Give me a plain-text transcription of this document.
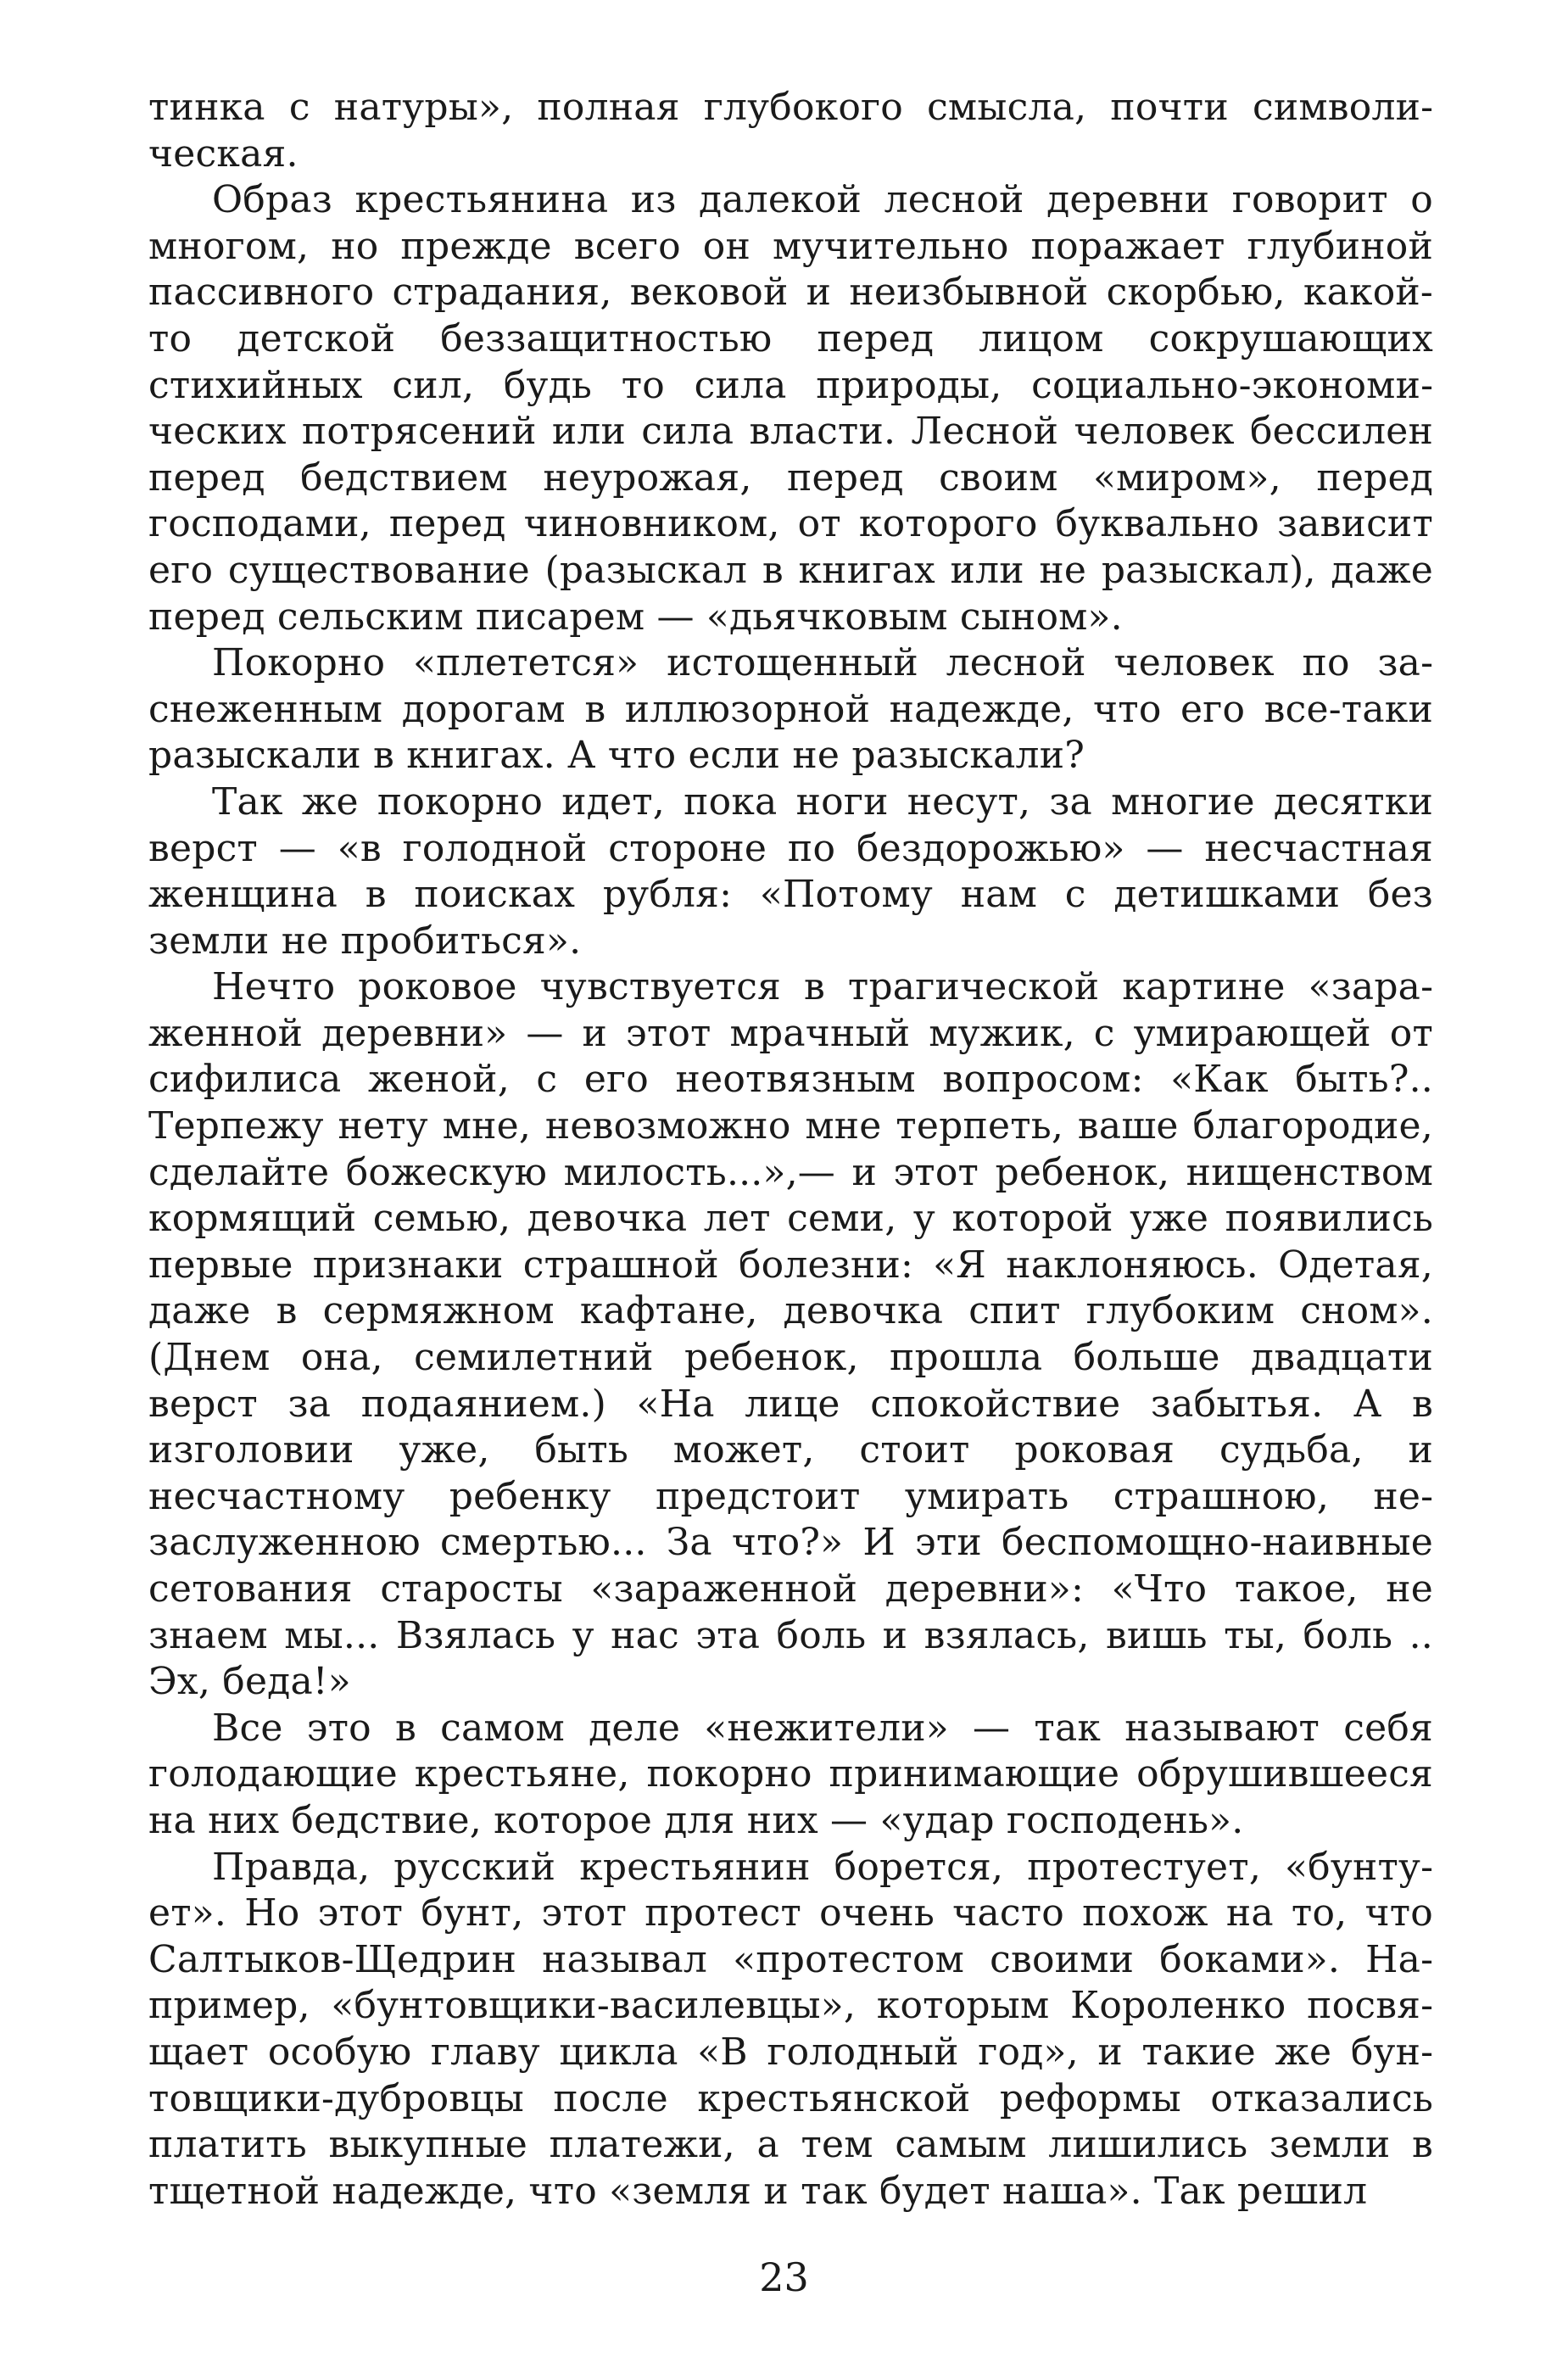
тинка с натуры», полная глубокого смысла, почти символическая.

Образ крестьянина из далекой лесной деревни говорит о многом, но прежде всего он мучительно поражает глубиной пассивного страдания, вековой и неизбывной скорбью, какой-то детской беззащитностью перед лицом сокрушающих стихийных сил, будь то сила природы, социально-экономических потрясений или сила власти. Лесной человек бессилен перед бедствием неурожая, перед своим «миром», перед господами, перед чиновником, от которого буквально зависит его существование (разыскал в книгах или не разыскал), даже перед сельским писарем — «дьячковым сыном».

Покорно «плетется» истощенный лесной человек по заснеженным дорогам в иллюзорной надежде, что его все-таки разыскали в книгах. А что если не разыскали?

Так же покорно идет, пока ноги несут, за многие десятки верст — «в голодной стороне по бездорожью» — несчастная женщина в поисках рубля: «Потому нам с детишками без земли не пробиться».

Нечто роковое чувствуется в трагической картине «зараженной деревни» — и этот мрачный мужик, с умирающей от сифилиса женой, с его неотвязным вопросом: «Как быть?.. Терпежу нету мне, невозможно мне терпеть, ваше благородие, сделайте божескую милость...»,— и этот ребенок, нищенством кормящий семью, девочка лет семи, у которой уже появились первые признаки страшной болезни: «Я наклоняюсь. Одетая, даже в сермяжном кафтане, девочка спит глубоким сном». (Днем она, семилетний ребенок, прошла больше двадцати верст за подаянием.) «На лице спокойствие забытья. А в изголовии уже, быть может, стоит роковая судьба, и несчастному ребенку предстоит умирать страшною, незаслуженною смертью... За что?» И эти беспомощно-наивные сетования старосты «зараженной деревни»: «Что такое, не знаем мы... Взялась у нас эта боль и взялась, вишь ты, боль .. Эх, беда!»

Все это в самом деле «нежители» — так называют себя голодающие крестьяне, покорно принимающие обрушившееся на них бедствие, которое для них — «удар господень».

Правда, русский крестьянин борется, протестует, «бунтует». Но этот бунт, этот протест очень часто похож на то, что Салтыков-Щедрин называл «протестом своими боками». Например, «бунтовщики-василевцы», которым Короленко посвящает особую главу цикла «В голодный год», и такие же бунтовщики-дубровцы после крестьянской реформы отказались платить выкупные платежи, а тем самым лишились земли в тщетной надежде, что «земля и так будет наша». Так решил

23
